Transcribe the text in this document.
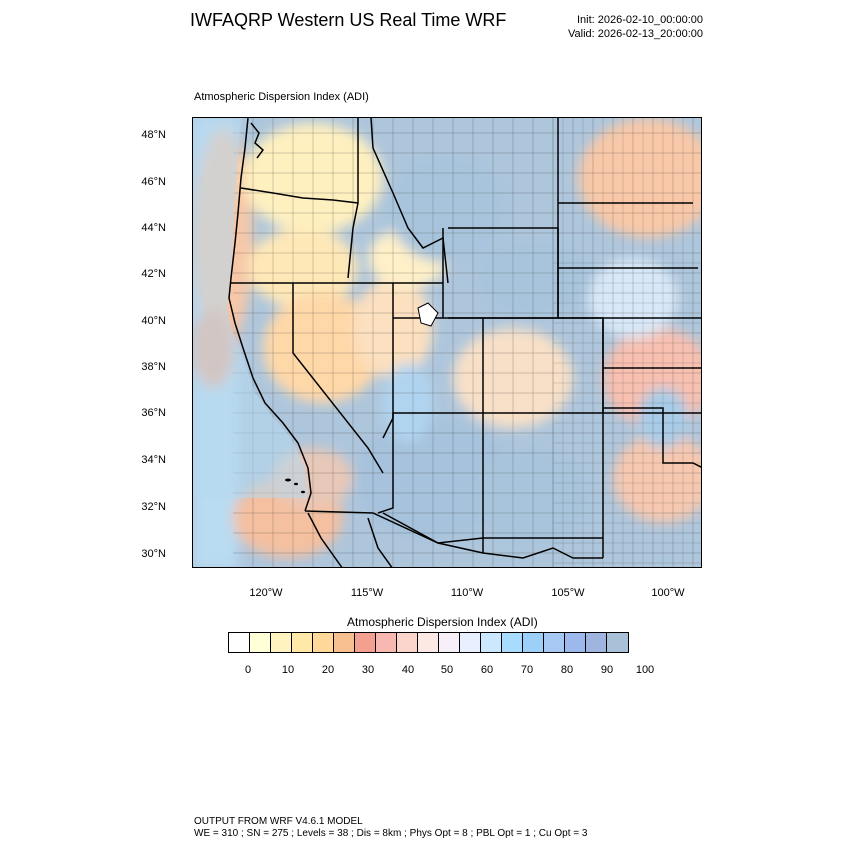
IWFAQRP Western US Real Time WRF	Init: 2026-02-10_00:00:00
Valid: 2026-02-13_20:00:00
Atmospheric Dispersion Index (ADI)
48°N
46°N
44°N
42°N
40°N
38°N
36°N
34°N
32°N
30°N
120°W	115°W	110°W	105°W	100°W
Atmospheric Dispersion Index (ADI)
0	10	20	30	40 50	60	70	80	90 100
OUTPUT FROM WRF V4.6.1 MODEL
WE = 310 ; SN = 275 ; Levels = 38 ; Dis = 8km ; Phys Opt = 8 ; PBL Opt = 1 ; Cu Opt = 3
